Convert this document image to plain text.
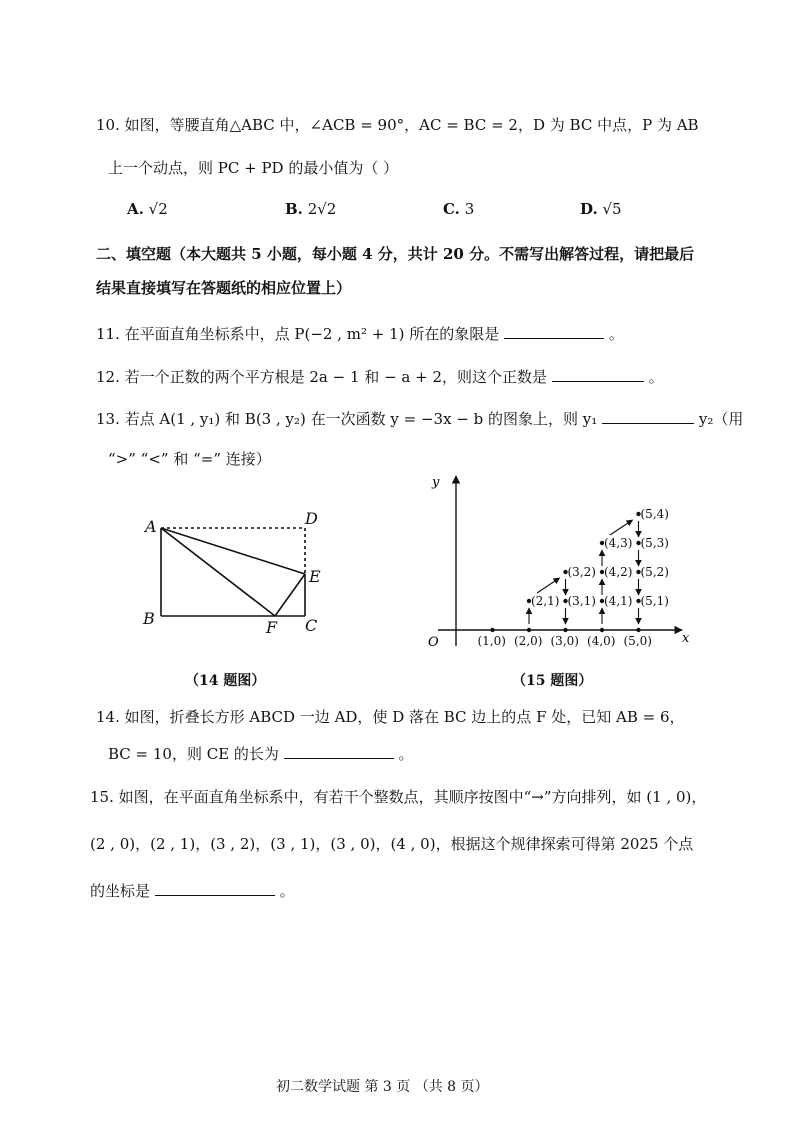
10. 如图，等腰直角△ABC 中，∠ACB = 90°，AC = BC = 2，D 为 BC 中点，P 为 AB
上一个动点，则 PC + PD 的最小值为（ ）
A. √2	B. 2√2	C. 3	D. √5
二、填空题（本大题共 5 小题，每小题 4 分，共计 20 分。不需写出解答过程，请把最后
结果直接填写在答题纸的相应位置上）
11. 在平面直角坐标系中，点 P(−2 , m² + 1) 所在的象限是	。
12. 若一个正数的两个平方根是 2a − 1 和 − a + 2，则这个正数是	。
13. 若点 A(1 , y₁) 和 B(3 , y₂) 在一次函数 y = −3x − b 的图象上，则 y₁	y₂（用
“>” “<” 和 “=” 连接）
A
B	C
D
E
F
（14 题图）
x
y
O	(1,0) (2,0) (3,0) (4,0) (5,0)
(2,1) (3,1) (4,1) (5,1)
(3,2) (4,2) (5,2)
(4,3) (5,3)
(5,4)
（15 题图）
14. 如图，折叠长方形 ABCD 一边 AD，使 D 落在 BC 边上的点 F 处，已知 AB = 6，
BC = 10，则 CE 的长为	。
15. 如图，在平面直角坐标系中，有若干个整数点，其顺序按图中“→”方向排列，如 (1 , 0)，
(2 , 0)，(2 , 1)，(3 , 2)，(3 , 1)，(3 , 0)，(4 , 0)，根据这个规律探索可得第 2025 个点
的坐标是	。
初二数学试题 第 3 页 （共 8 页）
